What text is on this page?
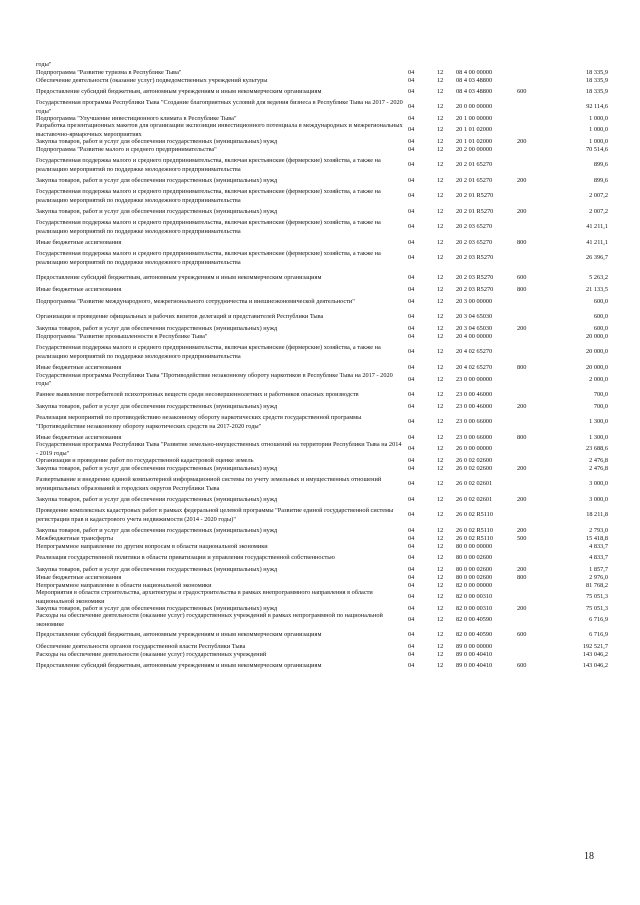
годы"
Подпрограмма "Развитие туризма в Республике Тыва"	04	12	08 4 00 00000	18 335,9
Обеспечение деятельности (оказание услуг) подведомственных учреждений культуры	04	12	08 4 03 48800	18 335,9
Предоставление субсидий бюджетным, автономным учреждениям и иным некоммерческим организациям	04	12	08 4 03 48800	600	18 335,9
Государственная программа Республики Тыва "Создание благоприятных условий для ведения бизнеса в Республике Тыва на 2017 - 2020 годы"
04	12	20 0 00 00000	92 114,6
Подпрограмма "Улучшение инвестиционного климата в Республике Тыва"	04	12	20 1 00 00000	1 000,0
Разработка презентационных макетов для организации экспозиции инвестиционного потенциала в международных и межрегиональных выставочно-ярмарочных мероприятиях
04	12	20 1 01 02000	1 000,0
Закупка товаров, работ и услуг для обеспечения государственных (муниципальных) нужд	04	12	20 1 01 02000	200	1 000,0
Подпрограмма "Развитие малого и среднего предпринимательства"	04	12	20 2 00 00000	70 514,6
Государственная поддержка малого и среднего предпринимательства, включая крестьянские (фермерские) хозяйства, а также на реализацию мероприятий по поддержке молодежного предпринимательства
04	12	20 2 01 65270	899,6
Закупка товаров, работ и услуг для обеспечения государственных (муниципальных) нужд	04	12	20 2 01 65270	200	899,6
Государственная поддержка малого и среднего предпринимательства, включая крестьянские (фермерские) хозяйства, а также на реализацию мероприятий по поддержке молодежного предпринимательства
04	12	20 2 01 R5270	2 007,2
Закупка товаров, работ и услуг для обеспечения государственных (муниципальных) нужд	04	12	20 2 01 R5270	200	2 007,2
Государственная поддержка малого и среднего предпринимательства, включая крестьянские (фермерские) хозяйства, а также на реализацию мероприятий по поддержке молодежного предпринимательства
04	12	20 2 03 65270	41 211,1
Иные бюджетные ассигнования	04	12	20 2 03 65270	800	41 211,1
Государственная поддержка малого и среднего предпринимательства, включая крестьянские (фермерские) хозяйства, а также на реализацию мероприятий по поддержке молодежного предпринимательства
04	12	20 2 03 R5270	26 396,7
Предоставление субсидий бюджетным, автономным учреждениям и иным некоммерческим организациям	04	12	20 2 03 R5270	600	5 263,2
Иные бюджетные ассигнования	04	12	20 2 03 R5270	800	21 133,5
Подпрограмма "Развитие международного, межрегионального сотрудничества и внешнеэкономической деятельности"	04	12	20 3 00 00000	600,0
Организация и проведение официальных и рабочих визитов делегаций и представителей Республики Тыва	04	12	20 3 04 65030	600,0
Закупка товаров, работ и услуг для обеспечения государственных (муниципальных) нужд	04	12	20 3 04 65030	200	600,0
Подпрограмма "Развитие промышленности в Республике Тыва"	04	12	20 4 00 00000	20 000,0
Государственная поддержка малого и среднего предпринимательства, включая крестьянские (фермерские) хозяйства, а также на реализацию мероприятий по поддержке молодежного предпринимательства
04	12	20 4 02 65270	20 000,0
Иные бюджетные ассигнования	04	12	20 4 02 65270	800	20 000,0
Государственная программа Республики Тыва "Противодействие незаконному обороту наркотиков в Республике Тыва на 2017 - 2020 годы"
04	12	23 0 00 00000	2 000,0
Раннее выявление потребителей психотропных веществ среди несовершеннолетних и работников опасных производств	04	12	23 0 00 46000	700,0
Закупка товаров, работ и услуг для обеспечения государственных (муниципальных) нужд	04	12	23 0 00 46000	200	700,0
Реализация мероприятий по противодействию незаконному обороту наркотических средств государственной программы "Противодействие незаконному обороту наркотических средств на 2017-2020 годы"
04	12	23 0 00 66000	1 300,0
Иные бюджетные ассигнования	04	12	23 0 00 66000	800	1 300,0
Государственная программа Республики Тыва "Развитие земельно-имущественных отношений на территории Республики Тыва на 2014 - 2019 годы"
04	12	26 0 00 00000	23 688,6
Организация и проведение работ по государственной кадастровой оценке земель	04	12	26 0 02 02600	2 476,8
Закупка товаров, работ и услуг для обеспечения государственных (муниципальных) нужд	04	12	26 0 02 02600	200	2 476,8
Развертывание и внедрение единой компьютерной информационной системы по учету земельных и имущественных отношений муниципальных образований и городских округов Республики Тыва
04	12	26 0 02 02601	3 000,0
Закупка товаров, работ и услуг для обеспечения государственных (муниципальных) нужд	04	12	26 0 02 02601	200	3 000,0
Проведение комплексных кадастровых работ в рамках федеральной целевой программы "Развитие единой государственной системы регистрации прав и кадастрового учета недвижимости (2014 - 2020 годы)"
04	12	26 0 02 R5110	18 211,8
Закупка товаров, работ и услуг для обеспечения государственных (муниципальных) нужд	04	12	26 0 02 R5110	200	2 793,0
Межбюджетные трансферты	04	12	26 0 02 R5110	500	15 418,8
Непрограммное направление по другим вопросам в области национальной экономики	04	12	80 0 00 00000	4 833,7
Реализация государственной политики в области приватизации и управления государственной собственностью	04	12	80 0 00 02600	4 833,7
Закупка товаров, работ и услуг для обеспечения государственных (муниципальных) нужд	04	12	80 0 00 02600	200	1 857,7
Иные бюджетные ассигнования	04	12	80 0 00 02600	800	2 976,0
Непрограммное направление в области национальной экономики	04	12	82 0 00 00000	81 768,2
Мероприятия в области строительства, архитектуры и градостроительства в рамках внепрограммного направления в области национальной экономики
04	12	82 0 00 00310	75 051,3
Закупка товаров, работ и услуг для обеспечения государственных (муниципальных) нужд	04	12	82 0 00 00310	200	75 051,3
Расходы на обеспечение деятельности (оказание услуг) государственных учреждений в рамках непрограммной по национальной экономике
04	12	82 0 00 40590	6 716,9
Предоставление субсидий бюджетным, автономным учреждениям и иным некоммерческим организациям	04	12	82 0 00 40590	600	6 716,9
Обеспечение деятельности органов государственной власти Республики Тыва	04	12	89 0 00 00000	192 521,7
Расходы на обеспечение деятельности (оказание услуг) государственных учреждений	04	12	89 0 00 40410	143 046,2
Предоставление субсидий бюджетным, автономным учреждениям и иным некоммерческим организациям	04	12	89 0 00 40410	600	143 046,2
18
